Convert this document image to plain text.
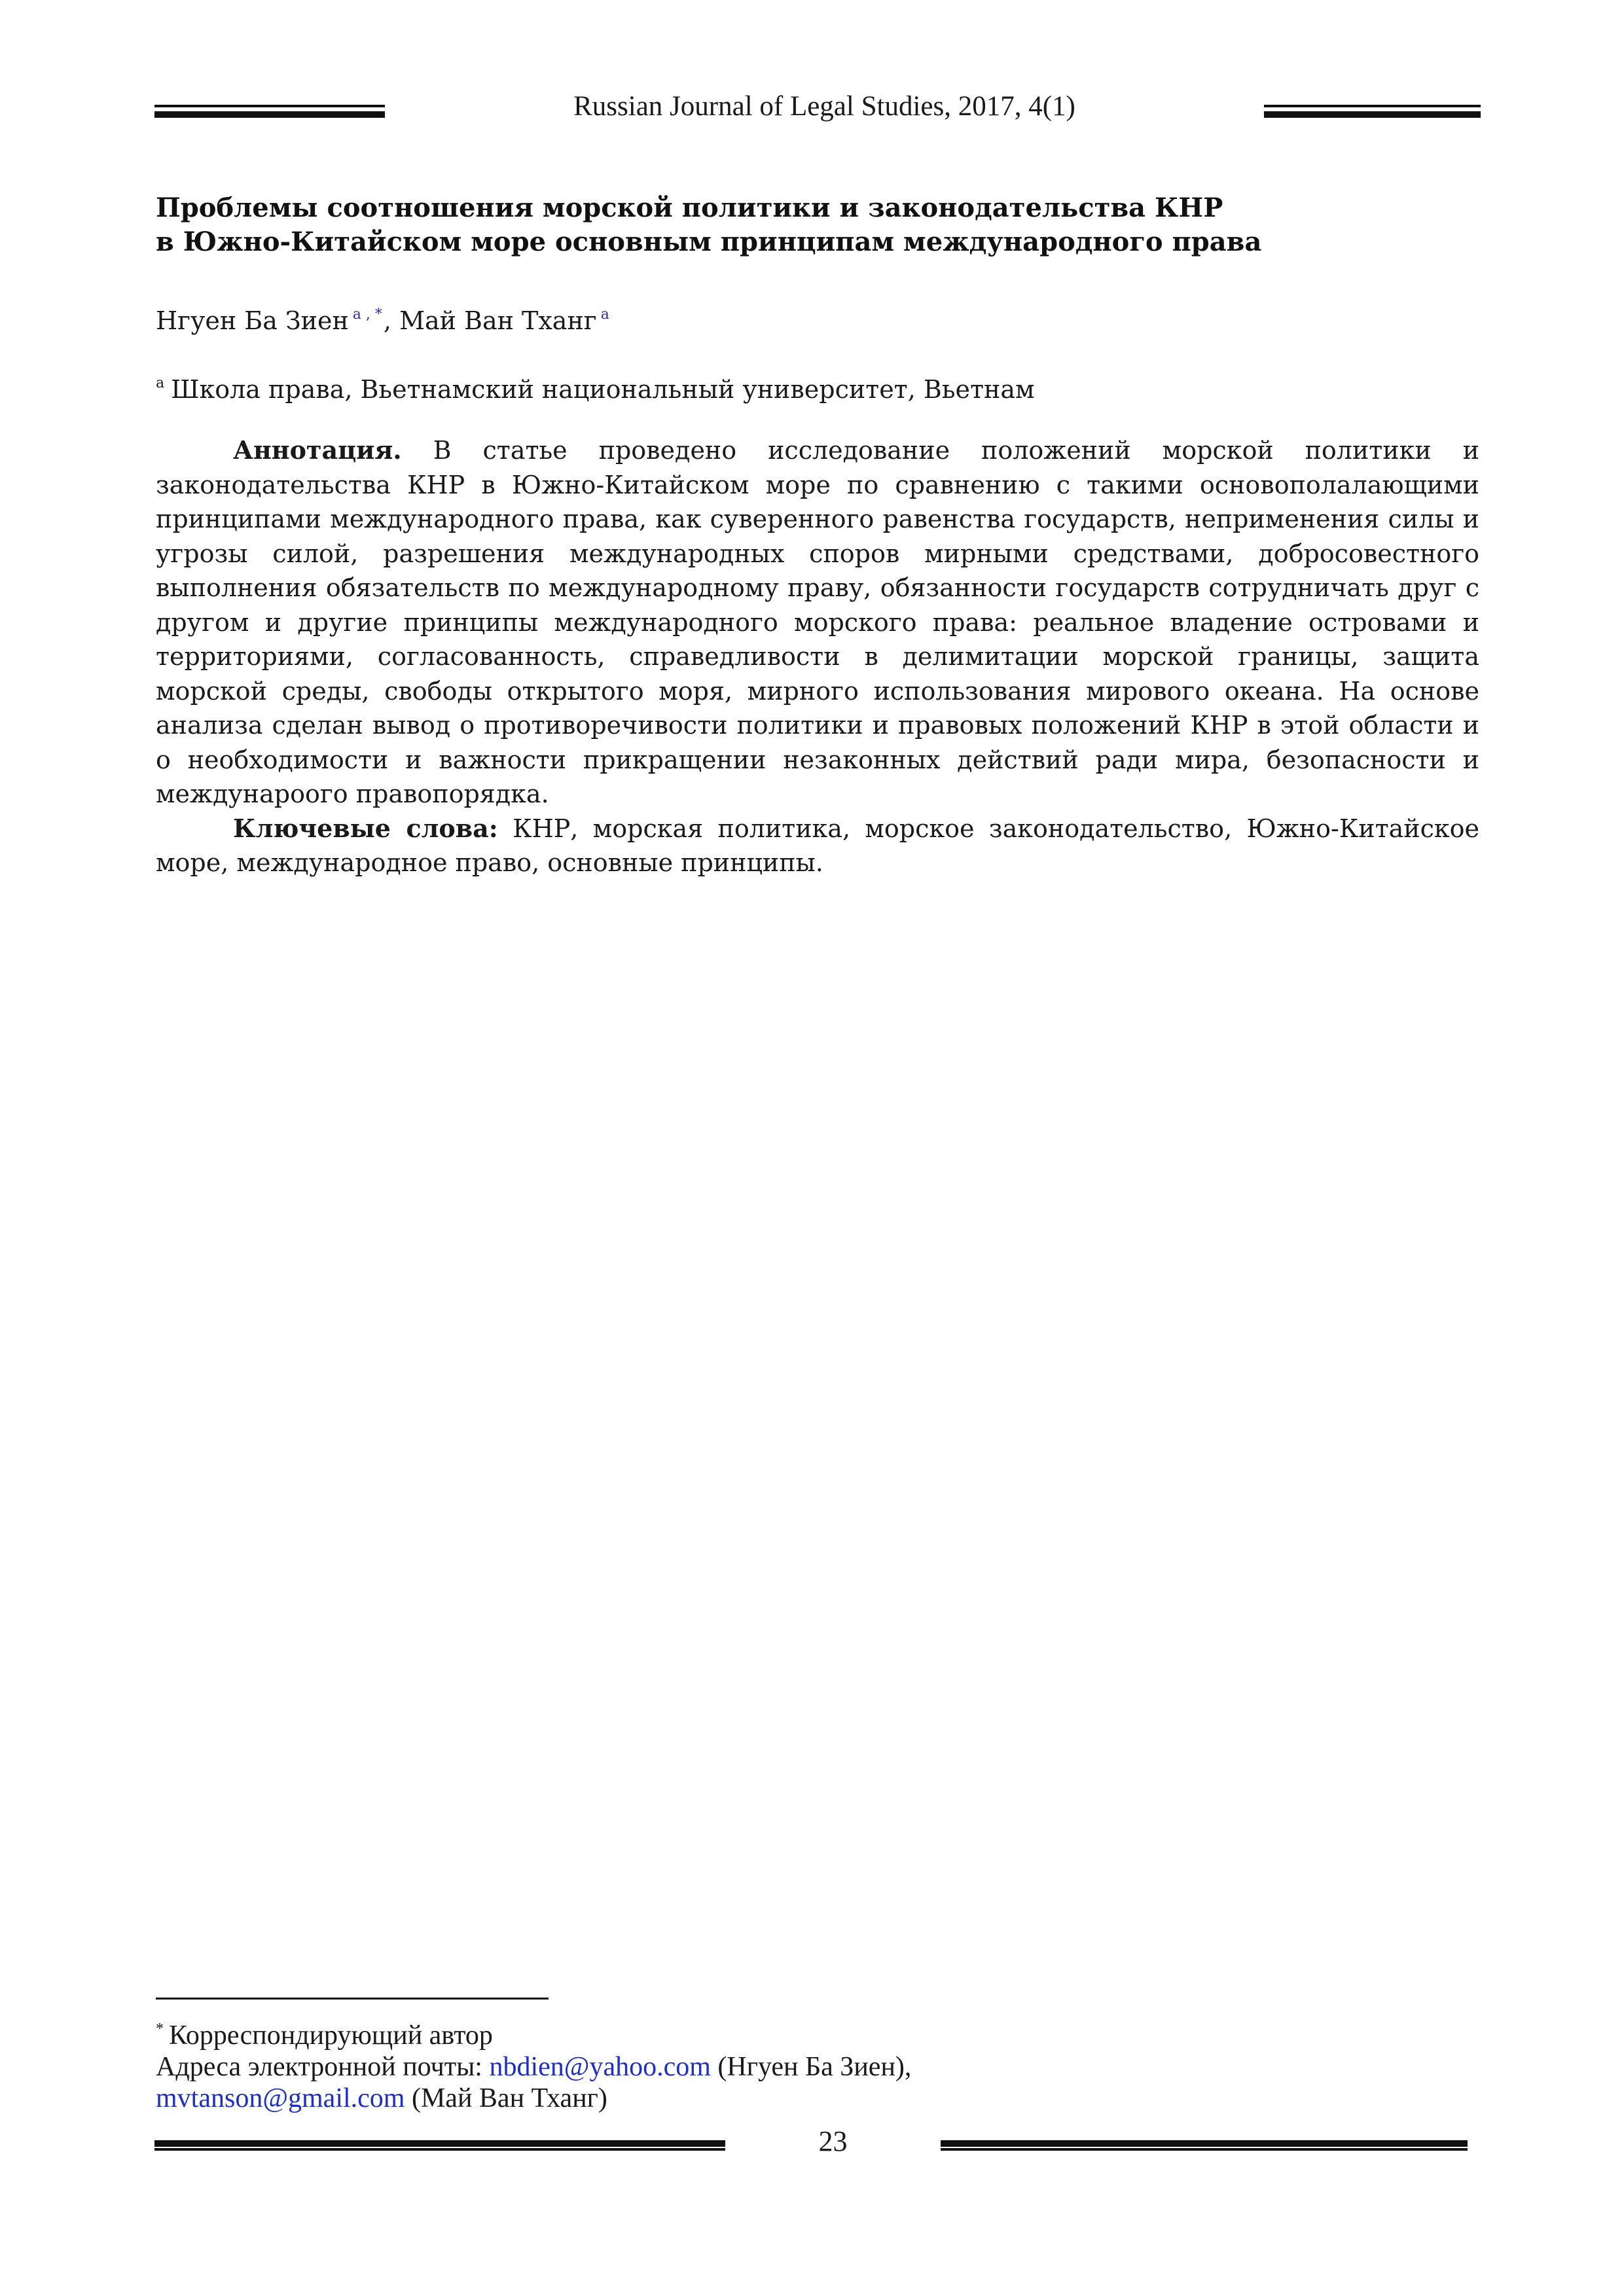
Russian Journal of Legal Studies, 2017, 4(1)
Проблемы соотношения морской политики и законодательства КНР
в Южно-Китайском море основным принципам международного права
Нгуен Ба Зиен $^{a , *}$, Май Ван Тханг $^a$
$^a$ Школа права, Вьетнамский национальный университет, Вьетнам

Аннотация. В статье проведено исследование положений морской политики и законодательства КНР в Южно-Китайском море по сравнению с такими основополалающими принципами международного права, как суверенного равенства государств, неприменения силы и угрозы силой, разрешения международных споров мирными средствами, добросовестного выполнения обязательств по международному праву, обязанности государств сотрудничать друг с другом и другие принципы международного морского права: реальное владение островами и территориями, согласованность, справедливости в делимитации морской границы, защита морской среды, свободы открытого моря, мирного использования мирового океана. На основе анализа сделан вывод о противоречивости политики и правовых положений КНР в этой области и о необходимости и важности прикращении незаконных действий ради мира, безопасности и междунароого правопорядка.

Ключевые слова: КНР, морская политика, морское законодательство, Южно-Китайское море, международное право, основные принципы.

* Корреспондирующий автор
Адреса электронной почты: nbdien@yahoo.com (Нгуен Ба Зиен),
mvtanson@gmail.com (Май Ван Тханг)
23
